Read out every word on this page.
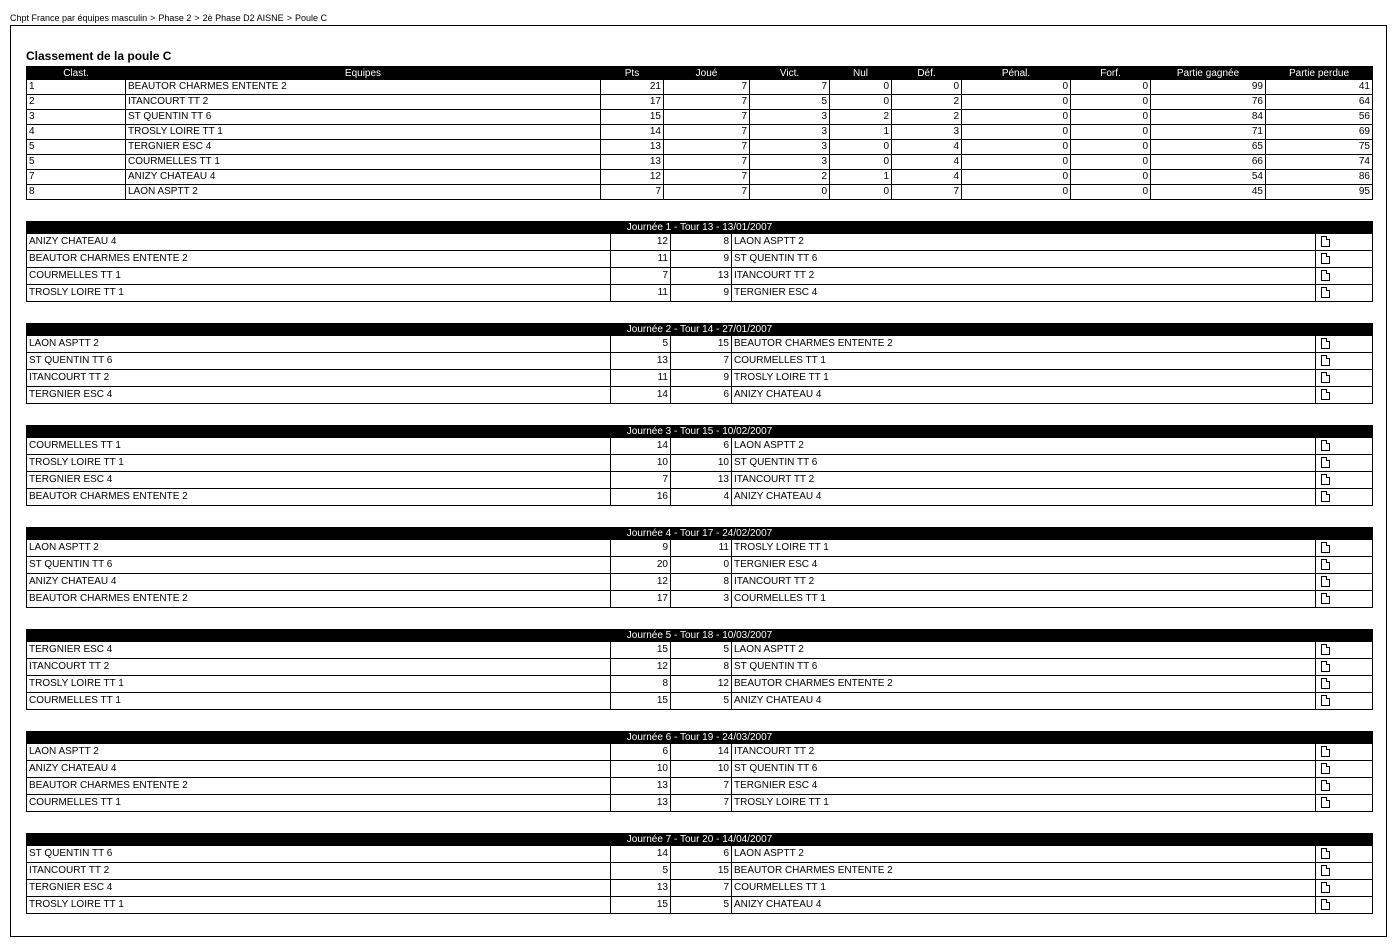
Chpt France par équipes masculin > Phase 2 > 2è Phase D2 AISNE > Poule C
Classement de la poule C
Clast.	Equipes	Pts	Joué	Vict.	Nul	Déf.	Pénal.	Forf.	Partie gagnée	Partie perdue
1	BEAUTOR CHARMES ENTENTE 2	21	7	7	0	0	0	0	99	41
2	ITANCOURT TT 2	17	7	5	0	2	0	0	76	64
3	ST QUENTIN TT 6	15	7	3	2	2	0	0	84	56
4	TROSLY LOIRE TT 1	14	7	3	1	3	0	0	71	69
5	TERGNIER ESC 4	13	7	3	0	4	0	0	65	75
5	COURMELLES TT 1	13	7	3	0	4	0	0	66	74
7	ANIZY CHATEAU 4	12	7	2	1	4	0	0	54	86
8	LAON ASPTT 2	7	7	0	0	7	0	0	45	95
Journée 1 - Tour 13 - 13/01/2007				
ANIZY CHATEAU 4	12	8	LAON ASPTT 2	
BEAUTOR CHARMES ENTENTE 2	11	9	ST QUENTIN TT 6	
COURMELLES TT 1	7	13	ITANCOURT TT 2	
TROSLY LOIRE TT 1	11	9	TERGNIER ESC 4	
Journée 2 - Tour 14 - 27/01/2007				
LAON ASPTT 2	5	15	BEAUTOR CHARMES ENTENTE 2	
ST QUENTIN TT 6	13	7	COURMELLES TT 1	
ITANCOURT TT 2	11	9	TROSLY LOIRE TT 1	
TERGNIER ESC 4	14	6	ANIZY CHATEAU 4	
Journée 3 - Tour 15 - 10/02/2007				
COURMELLES TT 1	14	6	LAON ASPTT 2	
TROSLY LOIRE TT 1	10	10	ST QUENTIN TT 6	
TERGNIER ESC 4	7	13	ITANCOURT TT 2	
BEAUTOR CHARMES ENTENTE 2	16	4	ANIZY CHATEAU 4	
Journée 4 - Tour 17 - 24/02/2007				
LAON ASPTT 2	9	11	TROSLY LOIRE TT 1	
ST QUENTIN TT 6	20	0	TERGNIER ESC 4	
ANIZY CHATEAU 4	12	8	ITANCOURT TT 2	
BEAUTOR CHARMES ENTENTE 2	17	3	COURMELLES TT 1	
Journée 5 - Tour 18 - 10/03/2007				
TERGNIER ESC 4	15	5	LAON ASPTT 2	
ITANCOURT TT 2	12	8	ST QUENTIN TT 6	
TROSLY LOIRE TT 1	8	12	BEAUTOR CHARMES ENTENTE 2	
COURMELLES TT 1	15	5	ANIZY CHATEAU 4	
Journée 6 - Tour 19 - 24/03/2007				
LAON ASPTT 2	6	14	ITANCOURT TT 2	
ANIZY CHATEAU 4	10	10	ST QUENTIN TT 6	
BEAUTOR CHARMES ENTENTE 2	13	7	TERGNIER ESC 4	
COURMELLES TT 1	13	7	TROSLY LOIRE TT 1	
Journée 7 - Tour 20 - 14/04/2007				
ST QUENTIN TT 6	14	6	LAON ASPTT 2	
ITANCOURT TT 2	5	15	BEAUTOR CHARMES ENTENTE 2	
TERGNIER ESC 4	13	7	COURMELLES TT 1	
TROSLY LOIRE TT 1	15	5	ANIZY CHATEAU 4	
